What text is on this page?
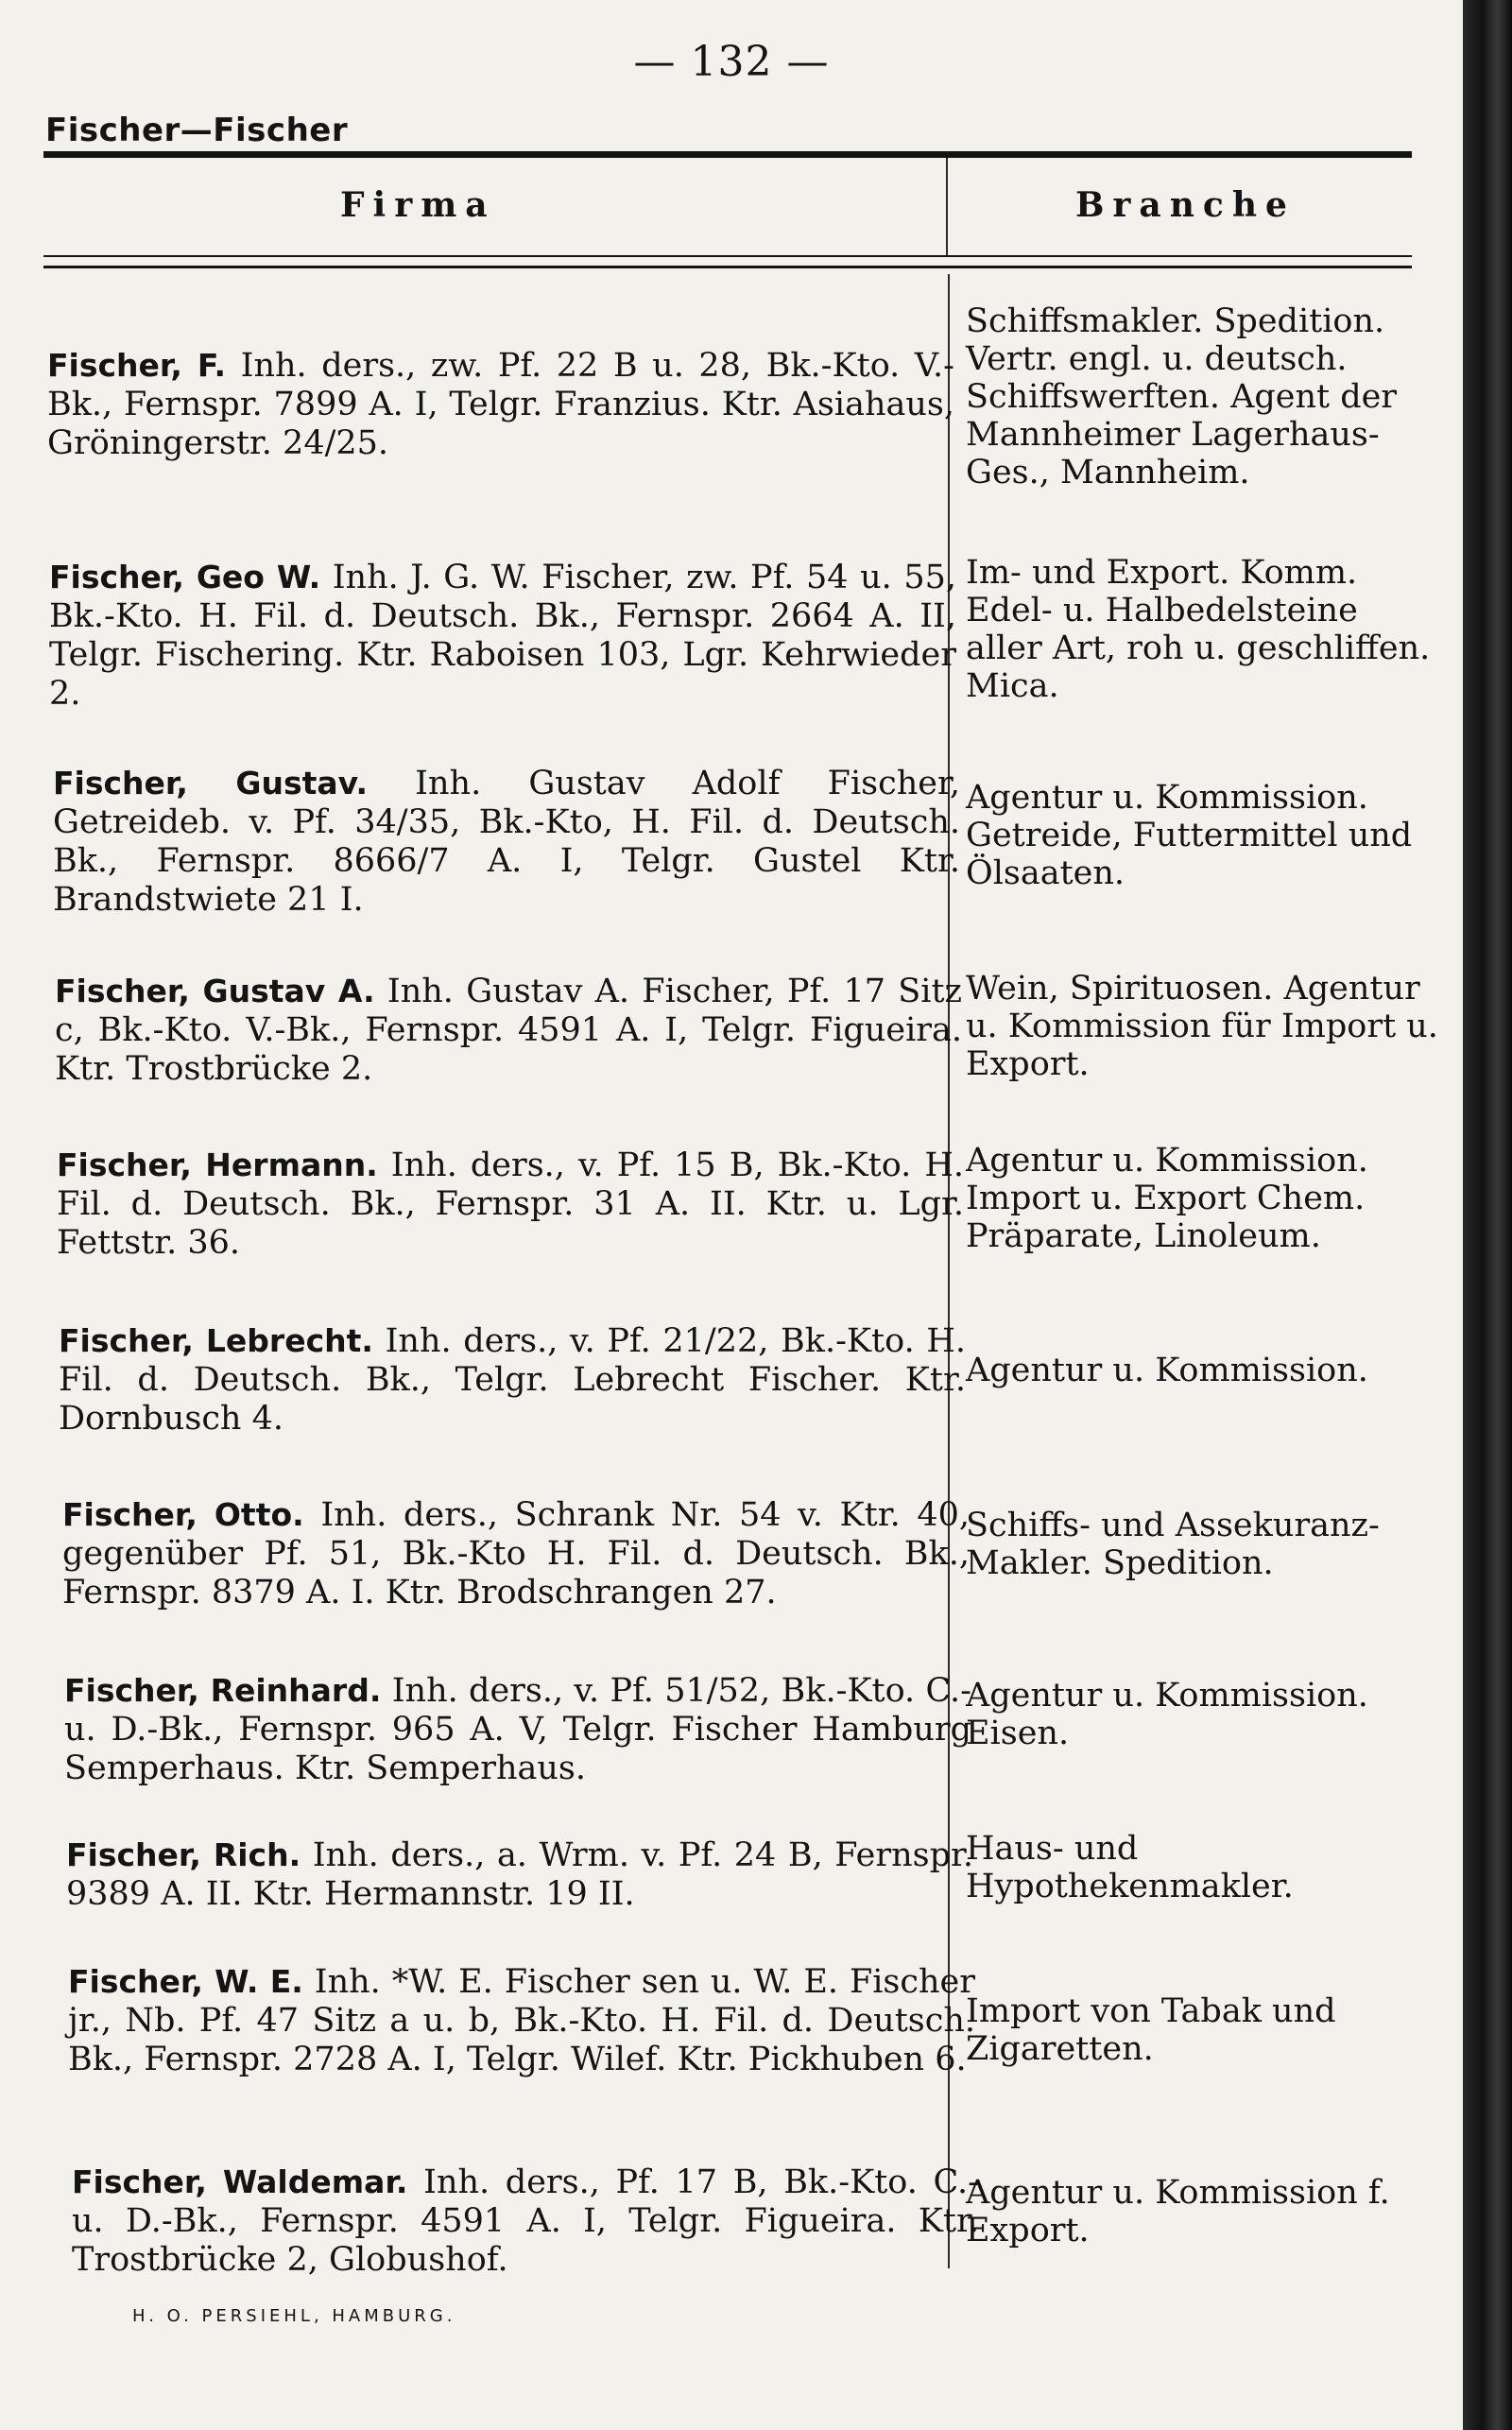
— 132 —
Fischer—Fischer
Firma	Branche
Fischer, F. Inh. ders., zw. Pf. 22 B u. 28, Bk.-Kto. V.-Bk., Fernspr. 7899 A. I, Telgr. Franzius. Ktr. Asiahaus, Gröningerstr. 24/25.
Schiffsmakler. Spedition. Vertr. engl. u. deutsch. Schiffswerften. Agent der Mannheimer Lagerhaus-Ges., Mannheim.
Fischer, Geo W. Inh. J. G. W. Fischer, zw. Pf. 54 u. 55, Bk.-Kto. H. Fil. d. Deutsch. Bk., Fernspr. 2664 A. II, Telgr. Fischering. Ktr. Raboisen 103, Lgr. Kehrwieder 2.
Im- und Export. Komm. Edel- u. Halbedelsteine aller Art, roh u. geschliffen. Mica.
Fischer, Gustav. Inh. Gustav Adolf Fischer, Getreideb. v. Pf. 34/35, Bk.-Kto, H. Fil. d. Deutsch. Bk., Fernspr. 8666/7 A. I, Telgr. Gustel Ktr. Brandstwiete 21 I.
Agentur u. Kommission. Getreide, Futtermittel und Ölsaaten.
Fischer, Gustav A. Inh. Gustav A. Fischer, Pf. 17 Sitz c, Bk.-Kto. V.-Bk., Fernspr. 4591 A. I, Telgr. Figueira. Ktr. Trostbrücke 2.
Wein, Spirituosen. Agentur u. Kommission für Import u. Export.
Fischer, Hermann. Inh. ders., v. Pf. 15 B, Bk.-Kto. H. Fil. d. Deutsch. Bk., Fernspr. 31 A. II. Ktr. u. Lgr. Fettstr. 36.
Agentur u. Kommission. Import u. Export Chem. Präparate, Linoleum.
Fischer, Lebrecht. Inh. ders., v. Pf. 21/22, Bk.-Kto. H. Fil. d. Deutsch. Bk., Telgr. Lebrecht Fischer. Ktr. Dornbusch 4.
Agentur u. Kommission.
Fischer, Otto. Inh. ders., Schrank Nr. 54 v. Ktr. 40, gegenüber Pf. 51, Bk.-Kto H. Fil. d. Deutsch. Bk., Fernspr. 8379 A. I. Ktr. Brodschrangen 27.
Schiffs- und Assekuranz-Makler. Spedition.
Fischer, Reinhard. Inh. ders., v. Pf. 51/52, Bk.-Kto. C.- u. D.-Bk., Fernspr. 965 A. V, Telgr. Fischer Hamburg Semperhaus. Ktr. Semperhaus.
Agentur u. Kommission. Eisen.
Fischer, Rich. Inh. ders., a. Wrm. v. Pf. 24 B, Fernspr. 9389 A. II. Ktr. Hermannstr. 19 II.
Haus- und Hypothekenmakler.
Fischer, W. E. Inh. *W. E. Fischer sen u. W. E. Fischer jr., Nb. Pf. 47 Sitz a u. b, Bk.-Kto. H. Fil. d. Deutsch. Bk., Fernspr. 2728 A. I, Telgr. Wilef. Ktr. Pickhuben 6.
Import von Tabak und Zigaretten.
Fischer, Waldemar. Inh. ders., Pf. 17 B, Bk.-Kto. C.- u. D.-Bk., Fernspr. 4591 A. I, Telgr. Figueira. Ktr. Trostbrücke 2, Globushof.
Agentur u. Kommission f. Export.
H. O. PERSIEHL, HAMBURG.
